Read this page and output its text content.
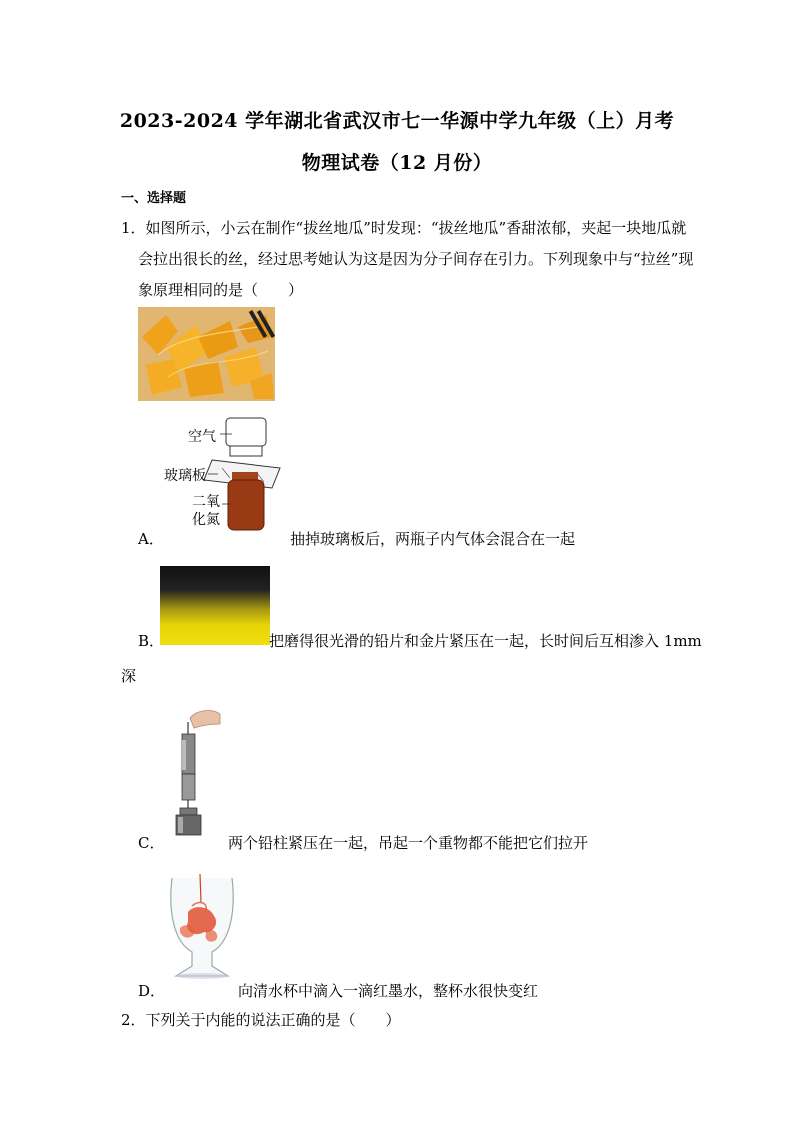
2023-2024 学年湖北省武汉市七一华源中学九年级（上）月考
物理试卷（12 月份）
一、选择题
1．如图所示，小云在制作“拔丝地瓜”时发现：“拔丝地瓜”香甜浓郁，夹起一块地瓜就
会拉出很长的丝，经过思考她认为这是因为分子间存在引力。下列现象中与“拉丝”现
象原理相同的是（　　）
空气
玻璃板
二氧
化氮
A．	抽掉玻璃板后，两瓶子内气体会混合在一起
B．	把磨得很光滑的铅片和金片紧压在一起，长时间后互相渗入 1mm
深
C．	两个铅柱紧压在一起，吊起一个重物都不能把它们拉开
D．	向清水杯中滴入一滴红墨水，整杯水很快变红
2．下列关于内能的说法正确的是（　　）
